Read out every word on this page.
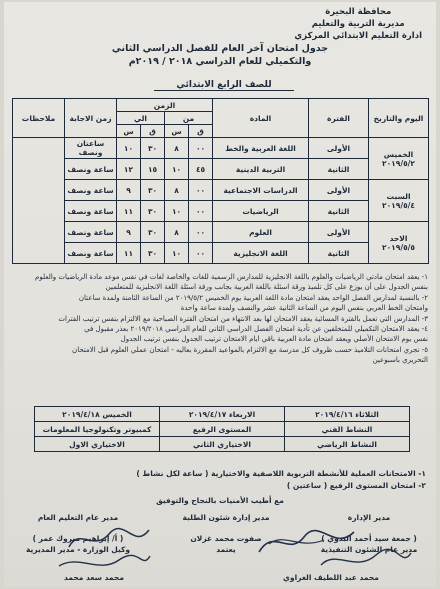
محافظة البحيرة
مديرية التربية والتعليم
ادارة التعليم الابتدائي المركزي
جدول امتحان آخر العام للفصل الدراسي الثاني
والتكميلي للعام الدراسي ٢٠١٨ / ٢٠١٩م
للصف الرابع الابتدائي
اليوم والتاريخ	الفترة	المادة	الزمن				زمن الاجابة	ملاحظات
			من		الي			
			ق	س	ق	س		

الخميس
٢٠١٩/٥/٢	الأولى	اللغة العربية والخط	٠٠	٨	٣٠	١٠	ساعتان ونصف	
	الثانية	التربية الدينية	٤٥	١٠	١٥	١٢	ساعة ونصف	

السبت
٢٠١٩/٥/٤	الأولى	الدراسات الاجتماعية	٠٠	٨	٣٠	٩	ساعة ونصف	
	الثانية	الرياضيات	٠٠	١٠	٣٠	١١	ساعة ونصف	

الاحد
٢٠١٩/٥/٥	الأولى	العلوم	٠٠	٨	٣٠	٩	ساعة ونصف	
	الثانية	اللغة الانجليزية	٠٠	١٠	٣٠	١١	ساعة ونصف	

١- يعقد امتحان مادتي الرياضيات والعلوم باللغة الانجليزية للمدارس الرسمية للغات والخاصة لغات في نفس موعد مادة الرياضيات والعلوم

بنفس الجدول على أن يوزع على كل تلميذ ورقة اسئلة باللغة العربية بجانب ورقة اسئلة اللغة الانجليزية للمتعلمين

٢- بالنسبة لمدارس الفصل الواحد يعقد امتحان مادة اللغة العربية يوم الخميس ٢٠١٩/٥/٢ من الساعة الثامنة ولمدة ساعتان

وامتحان الخط العربي بنفس اليوم من الساعة الثانية عشر والنصف ولمدة ساعة واحدة

٣- المدارس التي تعمل بالفترة المسائية يعقد الامتحان لها بعد الانتهاء من امتحان الفترة الصباحية مع الالتزام بنفس ترتيب الفترات

٤- يعقد الامتحان التكميلي للمتخلفين عن تأدية امتحان الفصل الدراسي الثاني للعام الدراسي ٢٠١٩/٢٠١٨ بعذر مقبول في

نفس يوم الامتحان الأصلي ويعقد امتحان مادة العربية باقي ايام الامتحان ترتيب الجدول بنفس ترتيب الجدول

٥- تجري امتحانات التلاميذ حسب ظروف كل مدرسة مع الالتزام بالمواعيد المقررة بعاليه - امتحان عملي العلوم قبل الامتحان

التحريري باسبوعين

الثلاثاء ٢٠١٩/٤/١٦	الاربعاء ٢٠١٩/٤/١٧	الخميس ٢٠١٩/٤/١٨
النشاط الفني	المستوى الرفيع	كمبيوتر وتكنولوجيا المعلومات
النشاط الرياضي	الاختياري الثاني	الاختياري الاول

١- الامتحانات العملية للأنشطة التربوية اللاصفية والاختيارية ( ساعة لكل نشاط )

٢- امتحان المستوى الرفيع ( ساعتين )

مع أطيب الأمنيات بالنجاح والتوفيق
مدير الإدارة
( جمعة سيد أحمد البدوي )
مدير عام الشئون التنفيذية
مدير إدارة شئون الطلبة
صفوت محمد غزلان
يعتمد
مدير عام التعليم العام
( أ/ إبراهيم مبروك عمر )
وكيل الوزارة - مدير المديرية
محمد سعد محمد	محمد عبد اللطيف الغراوي
